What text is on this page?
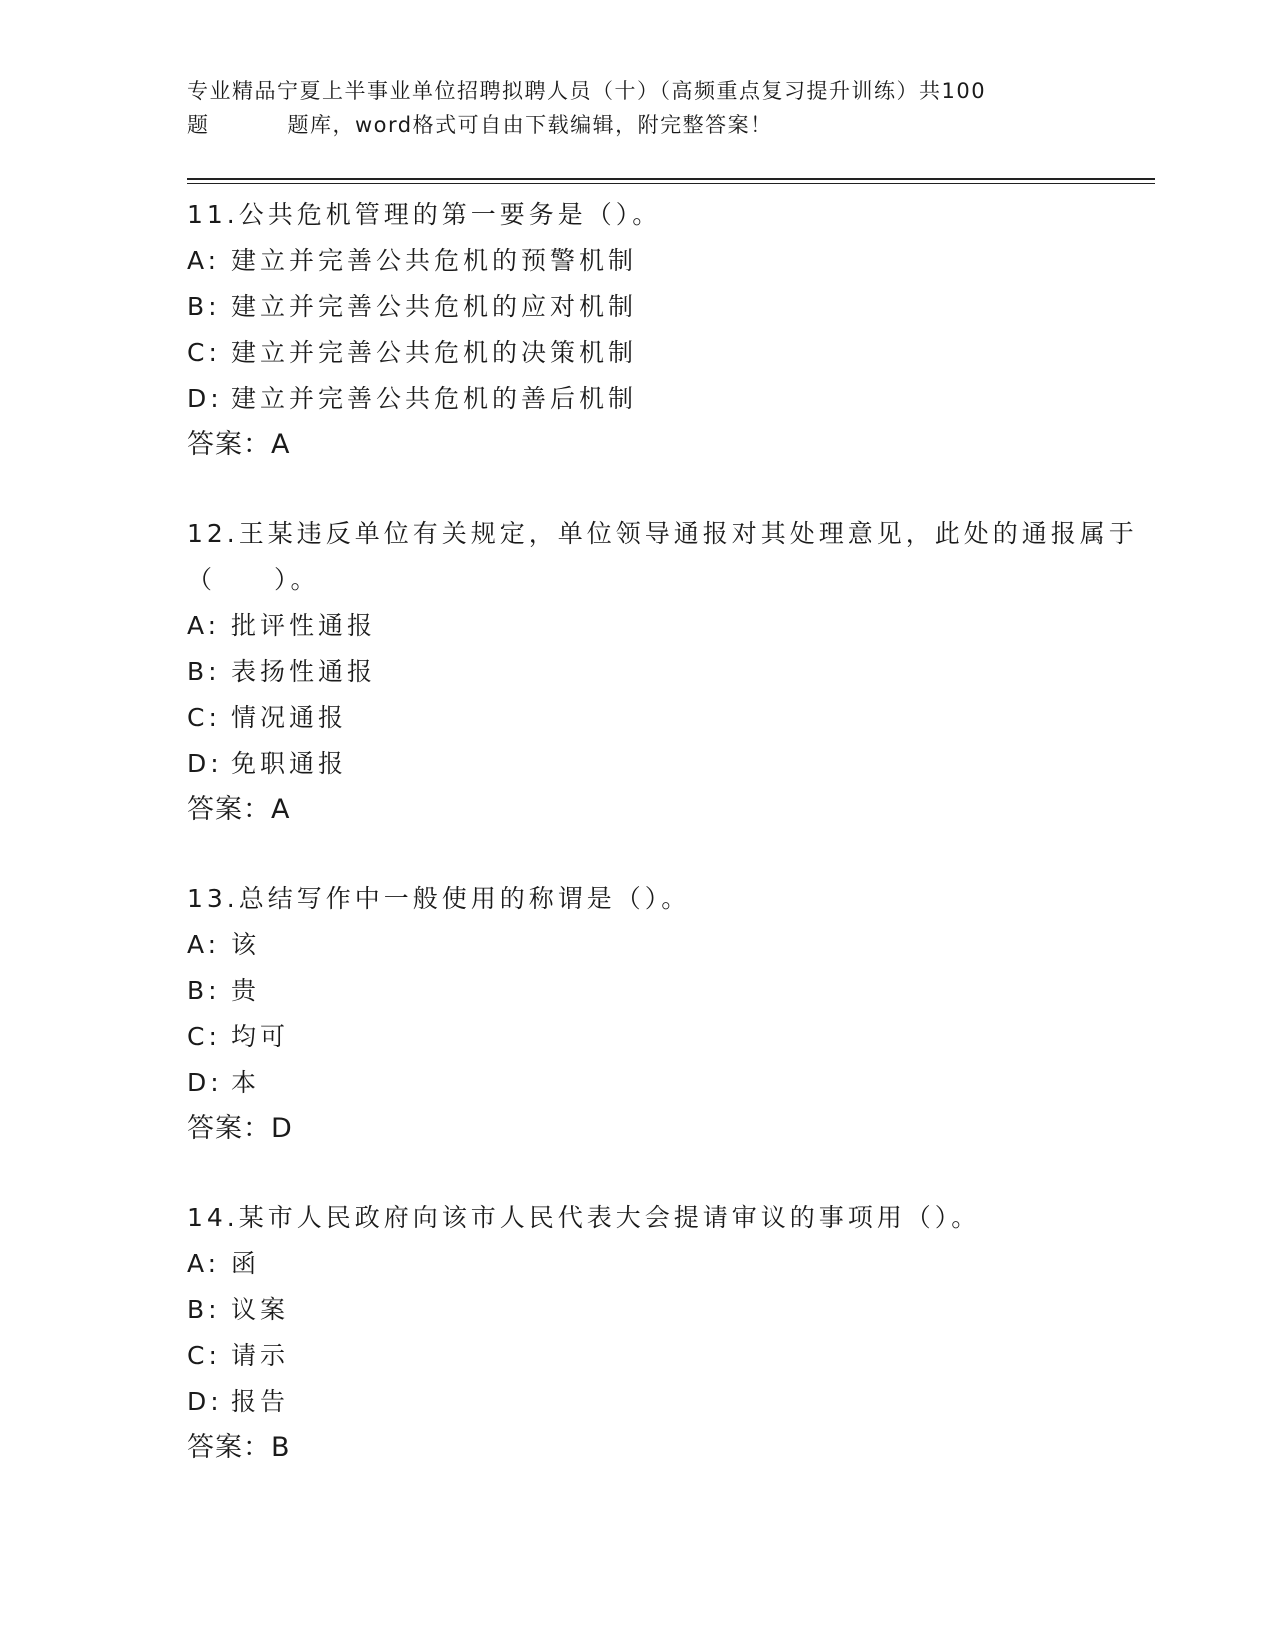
专业精品宁夏上半事业单位招聘拟聘人员（十）（高频重点复习提升训练）共100
题	题库，word格式可自由下载编辑，附完整答案！

11.公共危机管理的第一要务是（）。

A: 建立并完善公共危机的预警机制

B: 建立并完善公共危机的应对机制

C: 建立并完善公共危机的决策机制

D: 建立并完善公共危机的善后机制

答案：A

12.王某违反单位有关规定，单位领导通报对其处理意见，此处的通报属于（　　）。

A: 批评性通报

B: 表扬性通报

C: 情况通报

D: 免职通报

答案：A

13.总结写作中一般使用的称谓是（）。

A: 该

B: 贵

C: 均可

D: 本

答案：D

14.某市人民政府向该市人民代表大会提请审议的事项用（）。

A: 函

B: 议案

C: 请示

D: 报告

答案：B
